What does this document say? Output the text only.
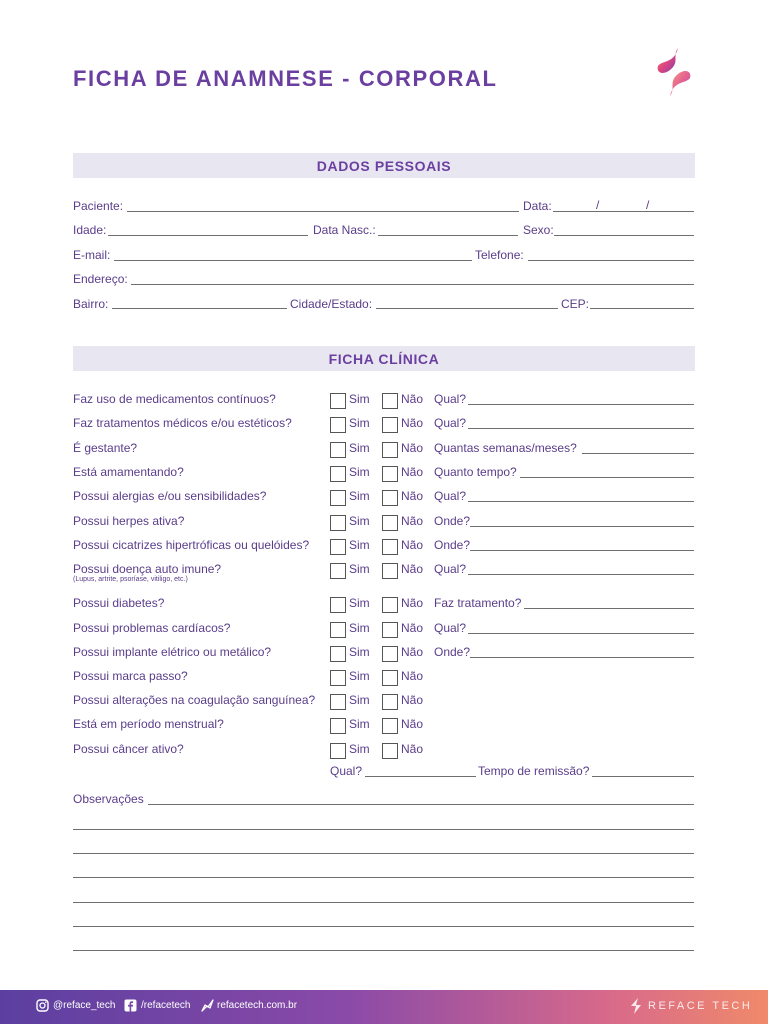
FICHA DE ANAMNESE - CORPORAL
DADOS PESSOAIS
Paciente:	Data:	/	/
Idade:	Data Nasc.:	Sexo:
E-mail:	Telefone:
Endereço:
Bairro:	Cidade/Estado:	CEP:
FICHA CLÍNICA
Faz uso de medicamentos contínuos?	Sim	Não Qual?
Faz tratamentos médicos e/ou estéticos?	Sim	Não Qual?
É gestante?	Sim	Não Quantas semanas/meses?
Está amamentando?	Sim	Não Quanto tempo?
Possui alergias e/ou sensibilidades?	Sim	Não Qual?
Possui herpes ativa?	Sim	Não Onde?
Possui cicatrizes hipertróficas ou quelóides?	Sim	Não Onde?
Possui doença auto imune?
(Lupus, artrite, psoríase, vitiligo, etc.)
Sim	Não Qual?
Possui diabetes?	Sim	Não Faz tratamento?
Possui problemas cardíacos?	Sim	Não Qual?
Possui implante elétrico ou metálico?	Sim	Não Onde?
Possui marca passo?	Sim	Não
Possui alterações na coagulação sanguínea?	Sim	Não
Está em período menstrual?	Sim	Não
Possui câncer ativo?	Sim	Não
Qual?	Tempo de remissão?
Observações
@reface_tech	/refacetech	refacetech.com.br	REFACE TECH
